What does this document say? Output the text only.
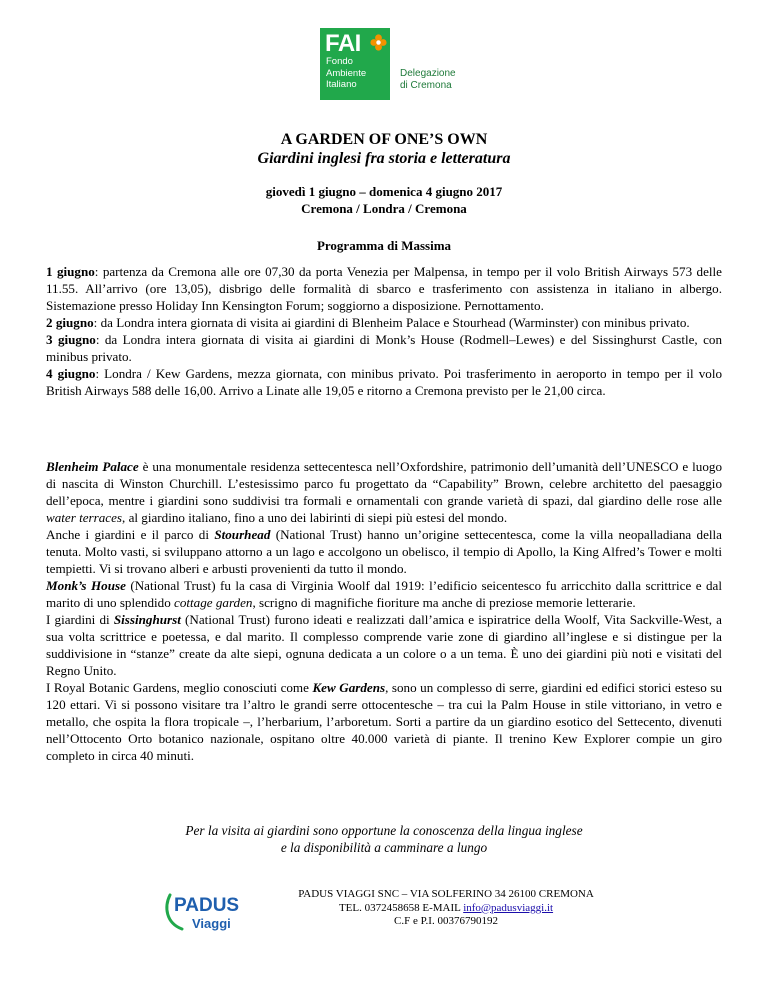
FAI
Fondo
Ambiente
Italiano
Delegazione
di Cremona
A GARDEN OF ONE’S OWN
Giardini inglesi fra storia e letteratura
giovedì 1 giugno – domenica 4 giugno 2017
Cremona / Londra / Cremona
Programma di Massima

1 giugno: partenza da Cremona alle ore 07,30 da porta Venezia per Malpensa, in tempo per il volo British Airways 573 delle 11.55. All’arrivo (ore 13,05), disbrigo delle formalità di sbarco e trasferimento con assistenza in italiano in albergo. Sistemazione presso Holiday Inn Kensington Forum; soggiorno a disposizione. Pernottamento.

2 giugno: da Londra intera giornata di visita ai giardini di Blenheim Palace e Stourhead (Warminster) con minibus privato.

3 giugno: da Londra intera giornata di visita ai giardini di Monk’s House (Rodmell–Lewes) e del Sissinghurst Castle, con minibus privato.

4 giugno: Londra / Kew Gardens, mezza giornata, con minibus privato. Poi trasferimento in aeroporto in tempo per il volo British Airways 588 delle 16,00. Arrivo a Linate alle 19,05 e ritorno a Cremona previsto per le 21,00 circa.

Blenheim Palace è una monumentale residenza settecentesca nell’Oxfordshire, patrimonio dell’umanità dell’UNESCO e luogo di nascita di Winston Churchill. L’estesissimo parco fu progettato da “Capability” Brown, celebre architetto del paesaggio dell’epoca, mentre i giardini sono suddivisi tra formali e ornamentali con grande varietà di spazi, dal giardino delle rose alle water terraces, al giardino italiano, fino a uno dei labirinti di siepi più estesi del mondo.

Anche i giardini e il parco di Stourhead (National Trust) hanno un’origine settecentesca, come la villa neopalladiana della tenuta. Molto vasti, si sviluppano attorno a un lago e accolgono un obelisco, il tempio di Apollo, la King Alfred’s Tower e molti tempietti. Vi si trovano alberi e arbusti provenienti da tutto il mondo.

Monk’s House (National Trust) fu la casa di Virginia Woolf dal 1919: l’edificio seicentesco fu arricchito dalla scrittrice e dal marito di uno splendido cottage garden, scrigno di magnifiche fioriture ma anche di preziose memorie letterarie.

I giardini di Sissinghurst (National Trust) furono ideati e realizzati dall’amica e ispiratrice della Woolf, Vita Sackville-West, a sua volta scrittrice e poetessa, e dal marito. Il complesso comprende varie zone di giardino all’inglese e si distingue per la suddivisione in “stanze” create da alte siepi, ognuna dedicata a un colore o a un tema. È uno dei giardini più noti e visitati del Regno Unito.

I Royal Botanic Gardens, meglio conosciuti come Kew Gardens, sono un complesso di serre, giardini ed edifici storici esteso su 120 ettari. Vi si possono visitare tra l’altro le grandi serre ottocentesche – tra cui la Palm House in stile vittoriano, in vetro e metallo, che ospita la flora tropicale –, l’herbarium, l’arboretum. Sorti a partire da un giardino esotico del Settecento, divenuti nell’Ottocento Orto botanico nazionale, ospitano oltre 40.000 varietà di piante. Il trenino Kew Explorer compie un giro completo in circa 40 minuti.

Per la visita ai giardini sono opportune la conoscenza della lingua inglese
e la disponibilità a camminare a lungo
PADUS
Viaggi
PADUS VIAGGI SNC – VIA SOLFERINO 34 26100 CREMONA
TEL. 0372458658 E-MAIL info@padusviaggi.it
C.F e P.I. 00376790192
